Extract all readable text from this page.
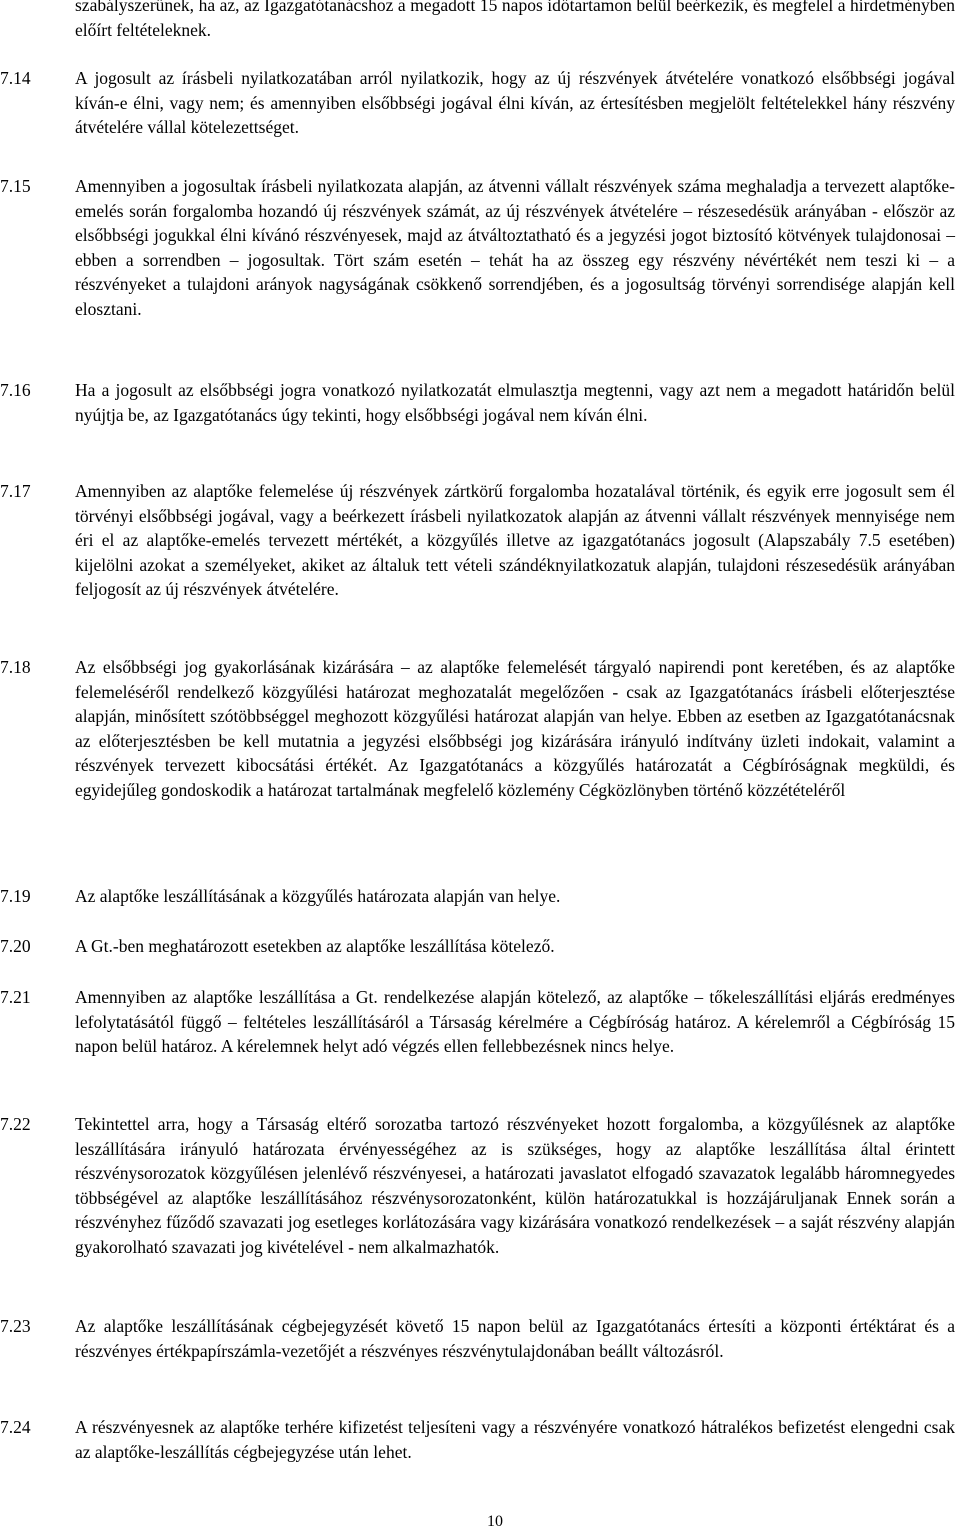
szabályszerűnek, ha az, az Igazgatótanácshoz a megadott 15 napos időtartamon belül beérkezik, és megfelel a hirdetményben előírt feltételeknek.
7.14	A jogosult az írásbeli nyilatkozatában arról nyilatkozik, hogy az új részvények átvételére vonatkozó elsőbbségi jogával kíván-e élni, vagy nem; és amennyiben elsőbbségi jogával élni kíván, az értesítésben megjelölt feltételekkel hány részvény átvételére vállal kötelezettséget.
7.15	Amennyiben a jogosultak írásbeli nyilatkozata alapján, az átvenni vállalt részvények száma meghaladja a tervezett alaptőke-emelés során forgalomba hozandó új részvények számát, az új részvények átvételére – részesedésük arányában - először az elsőbbségi jogukkal élni kívánó részvényesek, majd az átváltoztatható és a jegyzési jogot biztosító kötvények tulajdonosai – ebben a sorrendben – jogosultak. Tört szám esetén – tehát ha az összeg egy részvény névértékét nem teszi ki – a részvényeket a tulajdoni arányok nagyságának csökkenő sorrendjében, és a jogosultság törvényi sorrendisége alapján kell elosztani.
7.16	Ha a jogosult az elsőbbségi jogra vonatkozó nyilatkozatát elmulasztja megtenni, vagy azt nem a megadott határidőn belül nyújtja be, az Igazgatótanács úgy tekinti, hogy elsőbbségi jogával nem kíván élni.
7.17	Amennyiben az alaptőke felemelése új részvények zártkörű forgalomba hozatalával történik, és egyik erre jogosult sem él törvényi elsőbbségi jogával, vagy a beérkezett írásbeli nyilatkozatok alapján az átvenni vállalt részvények mennyisége nem éri el az alaptőke-emelés tervezett mértékét, a közgyűlés illetve az igazgatótanács jogosult (Alapszabály 7.5 esetében) kijelölni azokat a személyeket, akiket az általuk tett vételi szándéknyilatkozatuk alapján, tulajdoni részesedésük arányában feljogosít az új részvények átvételére.
7.18	Az elsőbbségi jog gyakorlásának kizárására – az alaptőke felemelését tárgyaló napirendi pont keretében, és az alaptőke felemeléséről rendelkező közgyűlési határozat meghozatalát megelőzően - csak az Igazgatótanács írásbeli előterjesztése alapján, minősített szótöbbséggel meghozott közgyűlési határozat alapján van helye. Ebben az esetben az Igazgatótanácsnak az előterjesztésben be kell mutatnia a jegyzési elsőbbségi jog kizárására irányuló indítvány üzleti indokait, valamint a részvények tervezett kibocsátási értékét. Az Igazgatótanács a közgyűlés határozatát a Cégbíróságnak megküldi, és egyidejűleg gondoskodik a határozat tartalmának megfelelő közlemény Cégközlönyben történő közzétételéről
7.19	Az alaptőke leszállításának a közgyűlés határozata alapján van helye.
7.20	A Gt.-ben meghatározott esetekben az alaptőke leszállítása kötelező.
7.21	Amennyiben az alaptőke leszállítása a Gt. rendelkezése alapján kötelező, az alaptőke – tőkeleszállítási eljárás eredményes lefolytatásától függő – feltételes leszállításáról a Társaság kérelmére a Cégbíróság határoz. A kérelemről a Cégbíróság 15 napon belül határoz. A kérelemnek helyt adó végzés ellen fellebbezésnek nincs helye.
7.22	Tekintettel arra, hogy a Társaság eltérő sorozatba tartozó részvényeket hozott forgalomba, a közgyűlésnek az alaptőke leszállítására irányuló határozata érvényességéhez az is szükséges, hogy az alaptőke leszállítása által érintett részvénysorozatok közgyűlésen jelenlévő részvényesei, a határozati javaslatot elfogadó szavazatok legalább háromnegyedes többségével az alaptőke leszállításához részvénysorozatonként, külön határozatukkal is hozzájáruljanak Ennek során a részvényhez fűződő szavazati jog esetleges korlátozására vagy kizárására vonatkozó rendelkezések – a saját részvény alapján gyakorolható szavazati jog kivételével - nem alkalmazhatók.
7.23	Az alaptőke leszállításának cégbejegyzését követő 15 napon belül az Igazgatótanács értesíti a központi értéktárat és a részvényes értékpapírszámla-vezetőjét a részvényes részvénytulajdonában beállt változásról.
7.24	A részvényesnek az alaptőke terhére kifizetést teljesíteni vagy a részvényére vonatkozó hátralékos befizetést elengedni csak az alaptőke-leszállítás cégbejegyzése után lehet.
10
